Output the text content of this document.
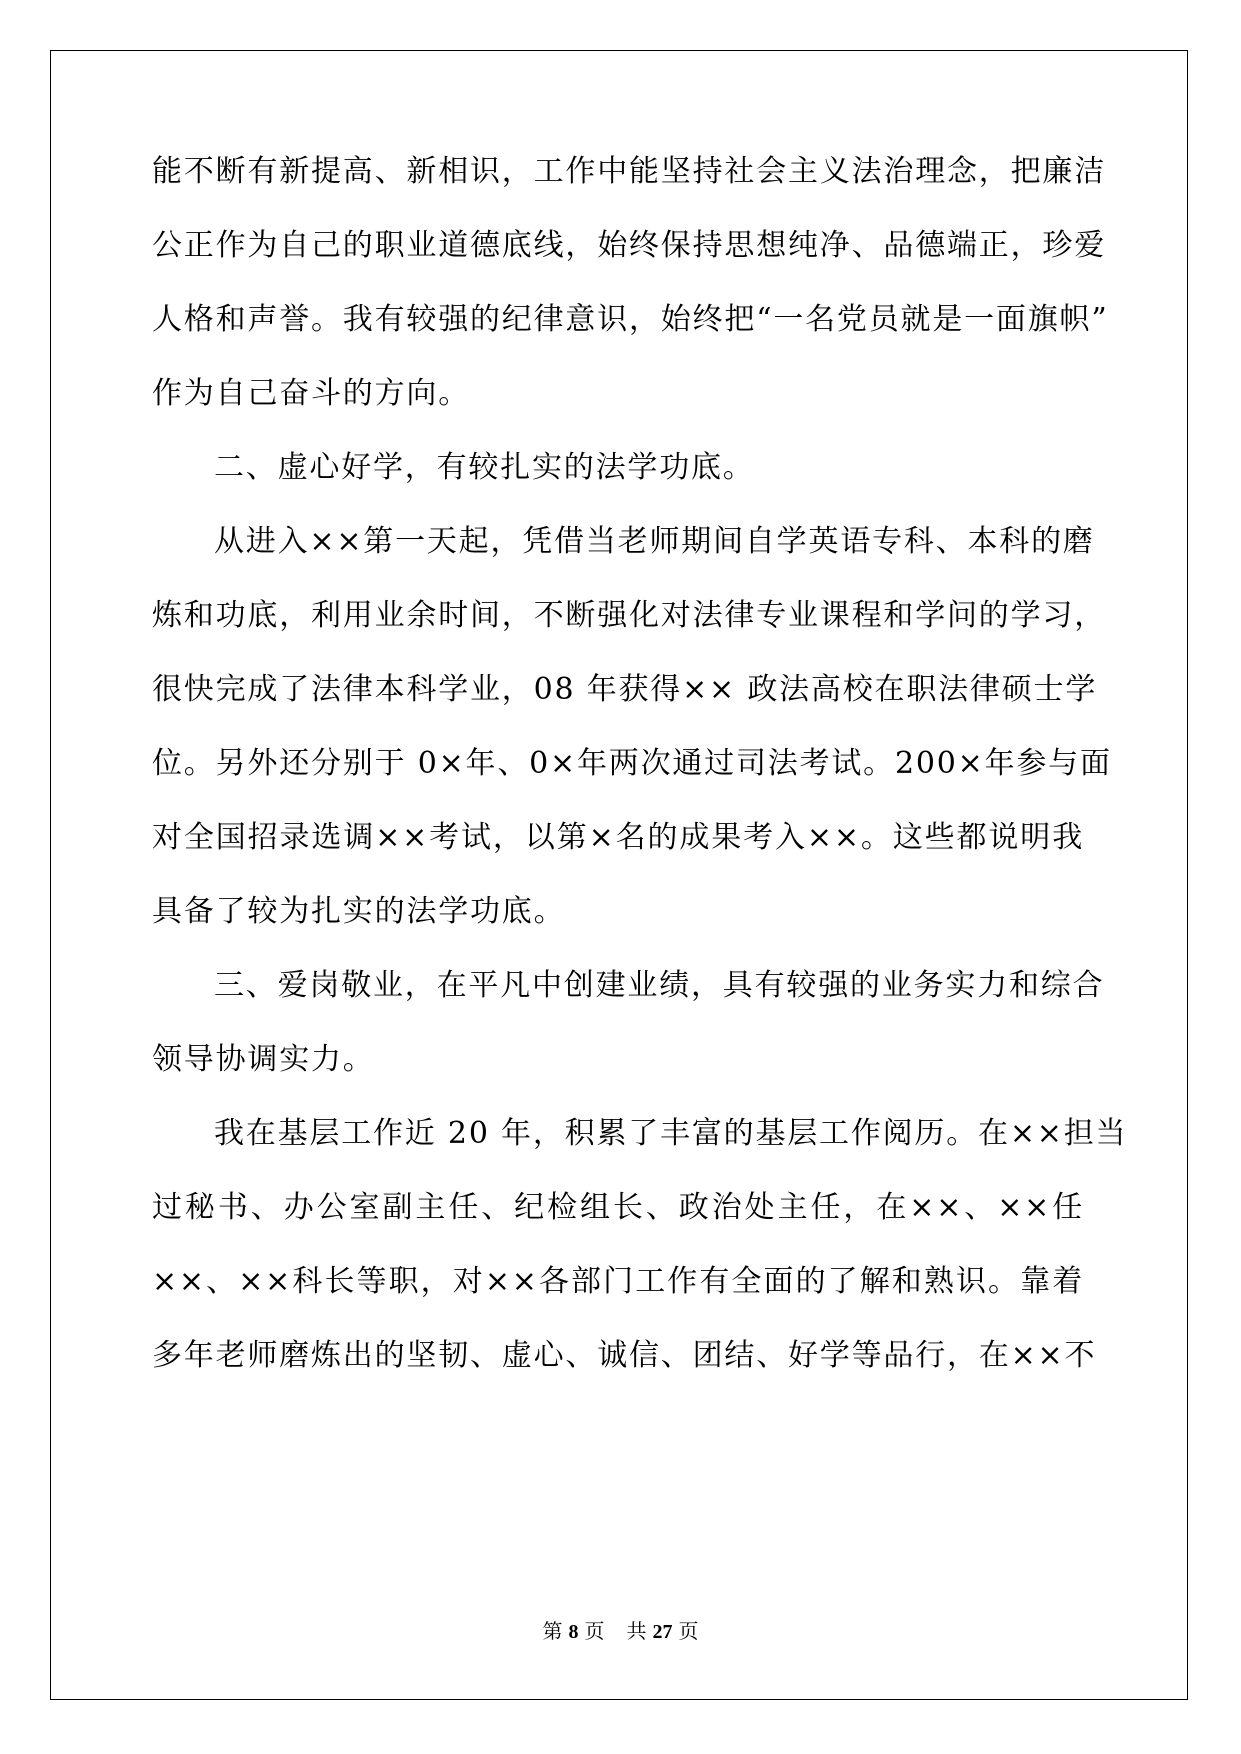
能不断有新提高、新相识，工作中能坚持社会主义法治理念，把廉洁
公正作为自己的职业道德底线，始终保持思想纯净、品德端正，珍爱
人格和声誉。我有较强的纪律意识，始终把“一名党员就是一面旗帜”
作为自己奋斗的方向。
二、虚心好学，有较扎实的法学功底。
从进入××第一天起，凭借当老师期间自学英语专科、本科的磨
炼和功底，利用业余时间，不断强化对法律专业课程和学问的学习，
很快完成了法律本科学业，08 年获得×× 政法高校在职法律硕士学
位。另外还分别于 0×年、0×年两次通过司法考试。200×年参与面
对全国招录选调××考试，以第×名的成果考入××。这些都说明我
具备了较为扎实的法学功底。
三、爱岗敬业，在平凡中创建业绩，具有较强的业务实力和综合
领导协调实力。
我在基层工作近 20 年，积累了丰富的基层工作阅历。在××担当
过秘书、办公室副主任、纪检组长、政治处主任，在××、××任
××、××科长等职，对××各部门工作有全面的了解和熟识。靠着
多年老师磨炼出的坚韧、虚心、诚信、团结、好学等品行，在××不
第 8 页 共 27 页
